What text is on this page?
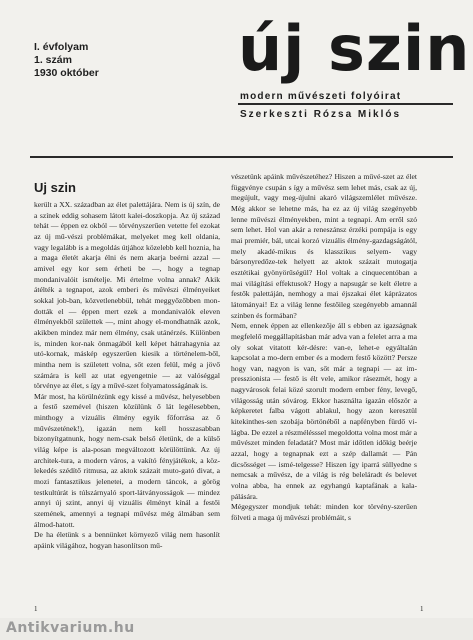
I. évfolyam
1. szám
1930 október új szin
modern művészeti folyóirat
Szerkeszti Rózsa Miklós
Uj szin

került a XX. században az élet palettájára. Nem is új szín, de a színek eddig sohasem látott kalei-doszkopja. Az új század tehát — éppen ez okból — törvényszerűen vetette fel ezokat az új mű-vészi problémákat, melyeket meg kell oldania, vagy legalább is a megoldás útjához közelebb kell hoznia, ha a maga életét akarja élni és nem akarja beérni azzal — amivel egy kor sem érheti be —, hogy a tegnap mondanivalóit ismételje. Mi értelme volna annak? Akik átélték a tegnapot, azok emberi és művészi élményeiket sokkal job-ban, közvetlenebbül, tehát meggyőzőbben mon-dották el — éppen mert ezek a mondanivalók eleven élményekből születtek —, mint ahogy el-mondhatnák azok, akikben mindez már nem élmény, csak utánérzés. Különben is, minden kor-nak önmagából kell képet hátrahagynia az utó-kornak, máskép egyszerűen kiesik a történelem-ből, mintha nem is született volna, sőt ezen felül, még a jövő számára is kell az utat egyengetnie — az valóséggal törvénye az élet, s így a művé-szet folyamatosságának is.

Már most, ha körülnézünk egy kissé a művész, helyesebben a festő szemével (hiszen közülünk ő lát legélesebben, minthogy a vizuális élmény egyik főforrása az ő művészetének!), igazán nem kell hosszasabban bizonyítgatnunk, hogy nem-csak belső életünk, de a külső világ képe is ala-posan megváltozott körülöttünk. Az új architek-tura, a modern város, a vakító fényjátékok, a köz-lekedés szédítő ritmusa, az aktok százait muto-gató divat, a mozi fantasztikus jelenetei, a modern táncok, a görög testkultúrát is túlszárnyaló sport-látványosságok — mindez annyi új szint, annyi új vizuális élményt kínál a festői szemének, amennyi a tegnapi művész még álmában sem álmod-hatott.

De ha életünk s a bennünket környező világ nem hasonlít apáink világához, hogyan hasonlítson mű-

vészetünk apáink művészetéhez? Hiszen a művé-szet az élet függvénye csupán s így a művész sem lehet más, csak az új, megújult, vagy meg-újulni akaró világszemlélet művésze. Még akkor se lehetne más, ha ez az új világ szegényebb lenne művészi élményekben, mint a tegnapi. Am erről szó sem lehet. Hol van akár a reneszánsz érzéki pompája is egy mai premiér, bál, utcai korzó vizuális élmény-gazdagságától, mely akadé-mikus és klasszikus selyem- vagy bársonyredőze-tek helyett az aktok százait mutogatja esztétikai gyönyörűségül? Hol voltak a cinquecentóban a mai világítási effektusok? Hogy a napsugár se kelt életre a festők palettáján, nemhogy a mai éjszakai élet káprázatos látományai! Ez a világ lenne festőileg szegényebb amannál szinben és formában?

Nem, ennek éppen az ellenkezője áll s ebben az igazságnak megfelelő meggállapításban már adva van a felelet arra a ma oly sokat vitatott kér-désre: van-e, lehet-e egyáltalán kapcsolat a mo-dern ember és a modern festő között? Persze hogy van, nagyon is van, sőt már a tegnapi — az im-presszionista — festő is élt vele, amikor rásezmét, hogy a nagyvárosok felai közé szorult modern ember fény, levegő, világosság után sóvárog. Ekkor használta ígazán először a képkeretet falba vágott ablakul, hogy azon keresztül kitekinthes-sen szobája börtönéből a napfényben fürdő vi-lágba. De ezzel a részmélésssel megoldotta volna most már a művészet minden feladatát? Most már időtlen időkig beérje azzal, hogy a tegnapnak ezt a szép dallamát — Pán dicsősséget — ismé-telgesse? Hiszen így iparrá süllyedne s nemcsak a művész, de a világ is rég beleláradt és belevet volna abba, ha ennek az egyhangú kaptafának a kala-pálására.

Mégegyszer mondjuk tehát: minden kor törvény-szerűen fölveti a maga új művészi problémáit, s

1	1
Antikvarium.hu
